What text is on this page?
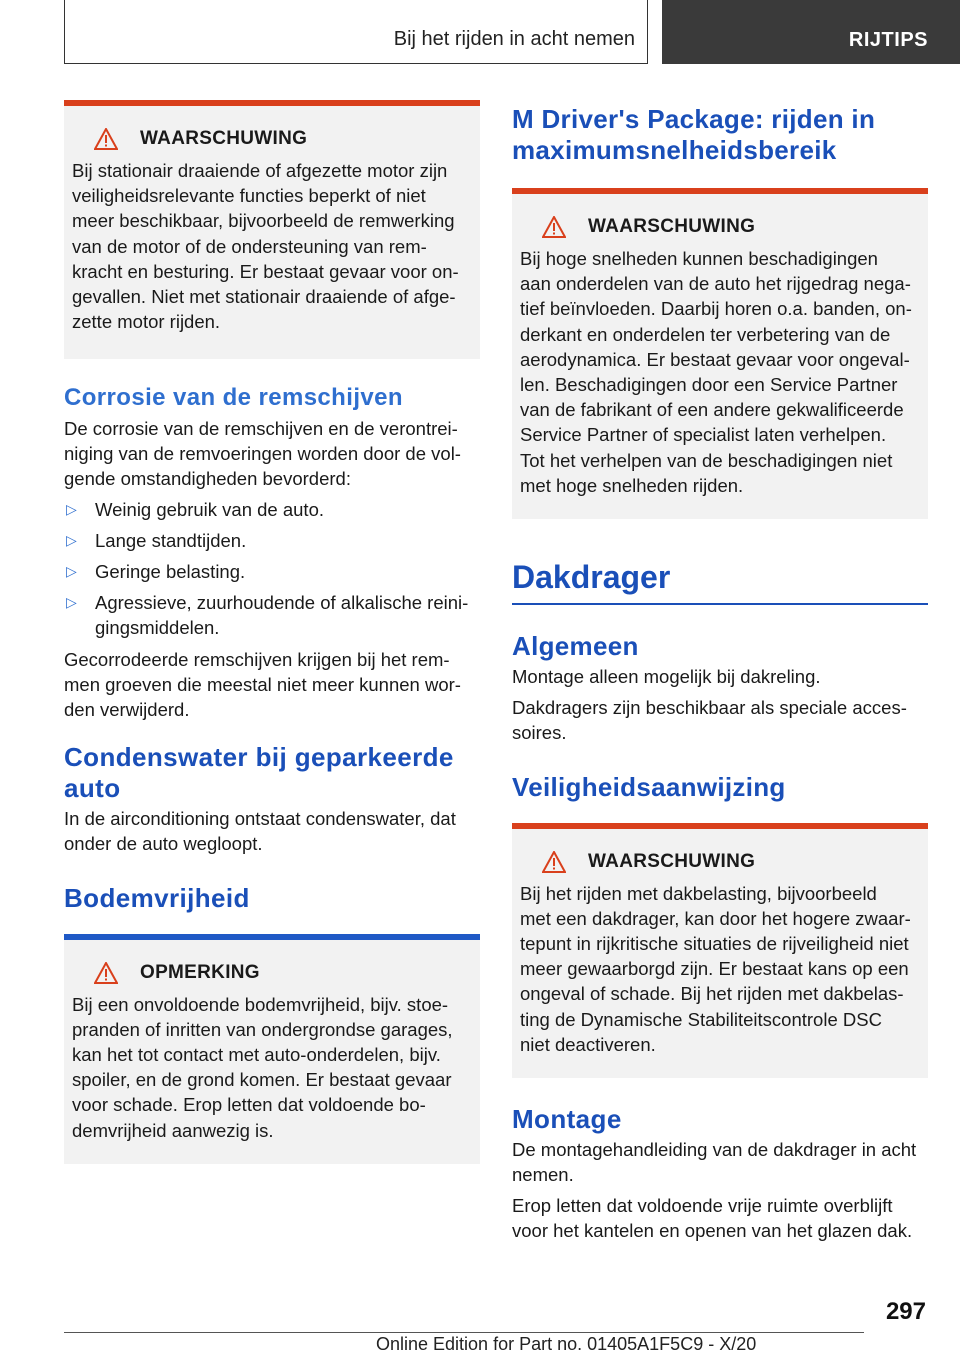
Bij het rijden in acht nemen	RIJTIPS
WAARSCHUWING

Bij stationair draaiende of afgezette motor zijn
veiligheidsrelevante functies beperkt of niet
meer beschikbaar, bijvoorbeeld de remwerking
van de motor of de ondersteuning van rem-
kracht en besturing. Er bestaat gevaar voor on-
gevallen. Niet met stationair draaiende of afge-
zette motor rijden.

Corrosie van de remschijven

De corrosie van de remschijven en de verontrei-
niging van de remvoeringen worden door de vol-
gende omstandigheden bevorderd:

▷ Weinig gebruik van de auto.
▷ Lange standtijden.
▷ Geringe belasting.
▷ Agressieve, zuurhoudende of alkalische reini-
gingsmiddelen.

Gecorrodeerde remschijven krijgen bij het rem-
men groeven die meestal niet meer kunnen wor-
den verwijderd.

Condenswater bij geparkeerde
auto

In de airconditioning ontstaat condenswater, dat
onder de auto wegloopt.

Bodemvrijheid
OPMERKING

Bij een onvoldoende bodemvrijheid, bijv. stoe-
pranden of inritten van ondergrondse garages,
kan het tot contact met auto-onderdelen, bijv.
spoiler, en de grond komen. Er bestaat gevaar
voor schade. Erop letten dat voldoende bo-
demvrijheid aanwezig is.

M Driver's Package: rijden in
maximumsnelheidsbereik
WAARSCHUWING

Bij hoge snelheden kunnen beschadigingen
aan onderdelen van de auto het rijgedrag nega-
tief beïnvloeden. Daarbij horen o.a. banden, on-
derkant en onderdelen ter verbetering van de
aerodynamica. Er bestaat gevaar voor ongeval-
len. Beschadigingen door een Service Partner
van de fabrikant of een andere gekwalificeerde
Service Partner of specialist laten verhelpen.
Tot het verhelpen van de beschadigingen niet
met hoge snelheden rijden.

Dakdrager
Algemeen

Montage alleen mogelijk bij dakreling.

Dakdragers zijn beschikbaar als speciale acces-
soires.

Veiligheidsaanwijzing
WAARSCHUWING

Bij het rijden met dakbelasting, bijvoorbeeld
met een dakdrager, kan door het hogere zwaar-
tepunt in rijkritische situaties de rijveiligheid niet
meer gewaarborgd zijn. Er bestaat kans op een
ongeval of schade. Bij het rijden met dakbelas-
ting de Dynamische Stabiliteitscontrole DSC
niet deactiveren.

Montage

De montagehandleiding van de dakdrager in acht
nemen.

Erop letten dat voldoende vrije ruimte overblijft
voor het kantelen en openen van het glazen dak.

297
Online Edition for Part no. 01405A1F5C9 - X/20
